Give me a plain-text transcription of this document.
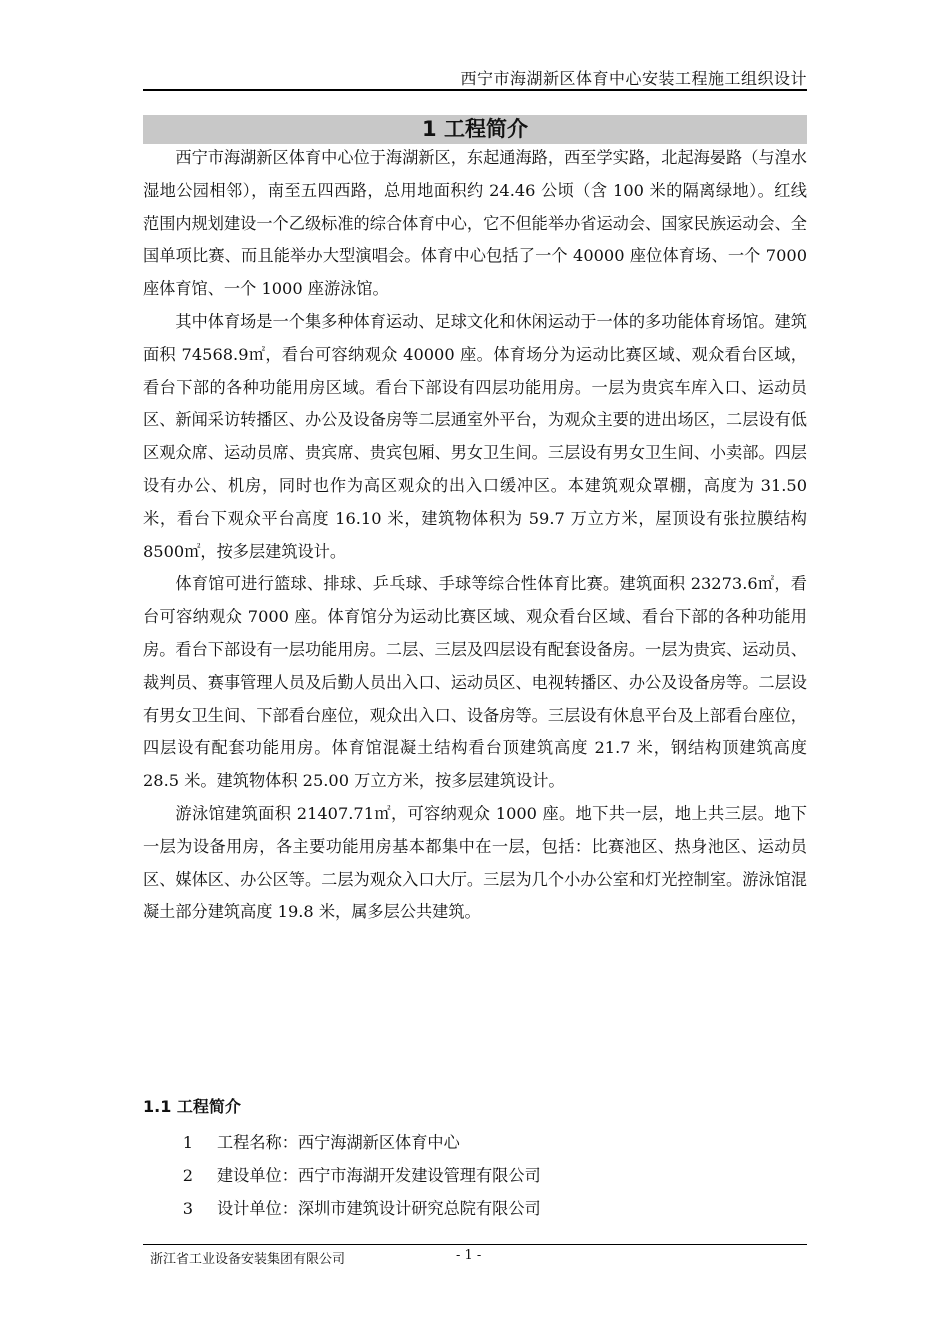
西宁市海湖新区体育中心安装工程施工组织设计
1 工程简介

西宁市海湖新区体育中心位于海湖新区，东起通海路，西至学实路，北起海晏路（与湟水湿地公园相邻），南至五四西路，总用地面积约 24.46 公顷（含 100 米的隔离绿地）。红线范围内规划建设一个乙级标准的综合体育中心，它不但能举办省运动会、国家民族运动会、全国单项比赛、而且能举办大型演唱会。体育中心包括了一个 40000 座位体育场、一个 7000 座体育馆、一个 1000 座游泳馆。

其中体育场是一个集多种体育运动、足球文化和休闲运动于一体的多功能体育场馆。建筑面积 74568.9㎡，看台可容纳观众 40000 座。体育场分为运动比赛区域、观众看台区域，看台下部的各种功能用房区域。看台下部设有四层功能用房。一层为贵宾车库入口、运动员区、新闻采访转播区、办公及设备房等二层通室外平台，为观众主要的进出场区，二层设有低区观众席、运动员席、贵宾席、贵宾包厢、男女卫生间。三层设有男女卫生间、小卖部。四层设有办公、机房，同时也作为高区观众的出入口缓冲区。本建筑观众罩棚，高度为 31.50 米，看台下观众平台高度 16.10 米，建筑物体积为 59.7 万立方米，屋顶设有张拉膜结构 8500㎡，按多层建筑设计。

体育馆可进行篮球、排球、乒乓球、手球等综合性体育比赛。建筑面积 23273.6㎡，看台可容纳观众 7000 座。体育馆分为运动比赛区域、观众看台区域、看台下部的各种功能用房。看台下部设有一层功能用房。二层、三层及四层设有配套设备房。一层为贵宾、运动员、裁判员、赛事管理人员及后勤人员出入口、运动员区、电视转播区、办公及设备房等。二层设有男女卫生间、下部看台座位，观众出入口、设备房等。三层设有休息平台及上部看台座位，四层设有配套功能用房。体育馆混凝土结构看台顶建筑高度 21.7 米，钢结构顶建筑高度 28.5 米。建筑物体积 25.00 万立方米，按多层建筑设计。

游泳馆建筑面积 21407.71㎡，可容纳观众 1000 座。地下共一层，地上共三层。地下一层为设备用房，各主要功能用房基本都集中在一层，包括：比赛池区、热身池区、运动员区、媒体区、办公区等。二层为观众入口大厅。三层为几个小办公室和灯光控制室。游泳馆混凝土部分建筑高度 19.8 米，属多层公共建筑。

1.1 工程简介
1 工程名称：西宁海湖新区体育中心
2 建设单位：西宁市海湖开发建设管理有限公司
3 设计单位：深圳市建筑设计研究总院有限公司
浙江省工业设备安装集团有限公司	- 1 -
